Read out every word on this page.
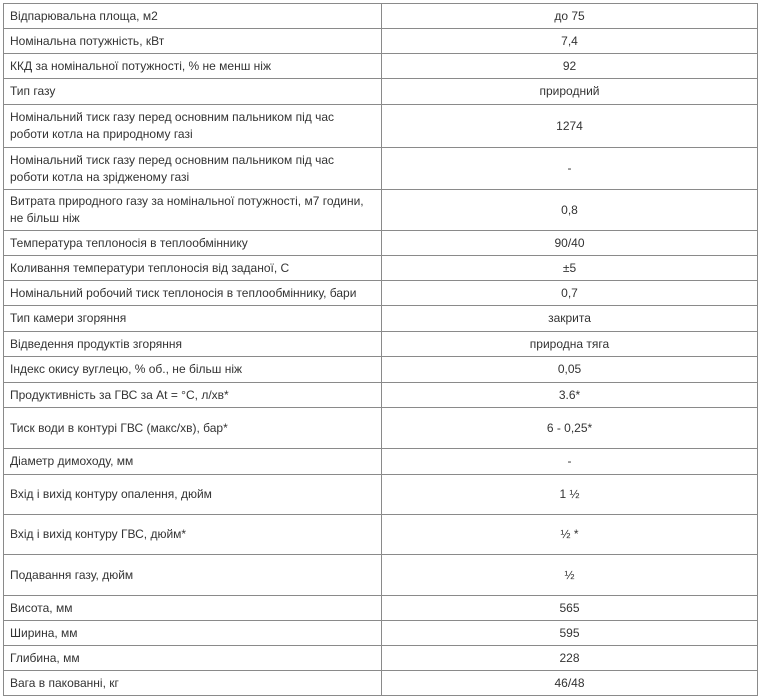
Відпарювальна площа, м2	до 75
Номінальна потужність, кВт	7,4
ККД за номінальної потужності, % не менш ніж	92
Тип газу	природний
Номінальний тиск газу перед основним пальником під час роботи котла на природному газі	1274
Номінальний тиск газу перед основним пальником під час роботи котла на зрідженому газі	-
Витрата природного газу за номінальної потужності, м7 години, не більш ніж	0,8
Температура теплоносія в теплообміннику	90/40
Коливання температури теплоносія від заданої, С	±5
Номінальний робочий тиск теплоносія в теплообміннику, бари	0,7
Тип камери згоряння	закрита
Відведення продуктів згоряння	природна тяга
Індекс окису вуглецю, % об., не більш ніж	0,05
Продуктивність за ГВС за Аt = °С, л/хв*	3.6*
Тиск води в контурі ГВС (макс/хв), бар*	6 - 0,25*
Діаметр димоходу, мм	-
Вхід і вихід контуру опалення, дюйм	1 ½
Вхід і вихід контуру ГВС, дюйм*	½ *
Подавання газу, дюйм	½
Висота, мм	565
Ширина, мм	595
Глибина, мм	228
Вага в пакованні, кг	46/48
